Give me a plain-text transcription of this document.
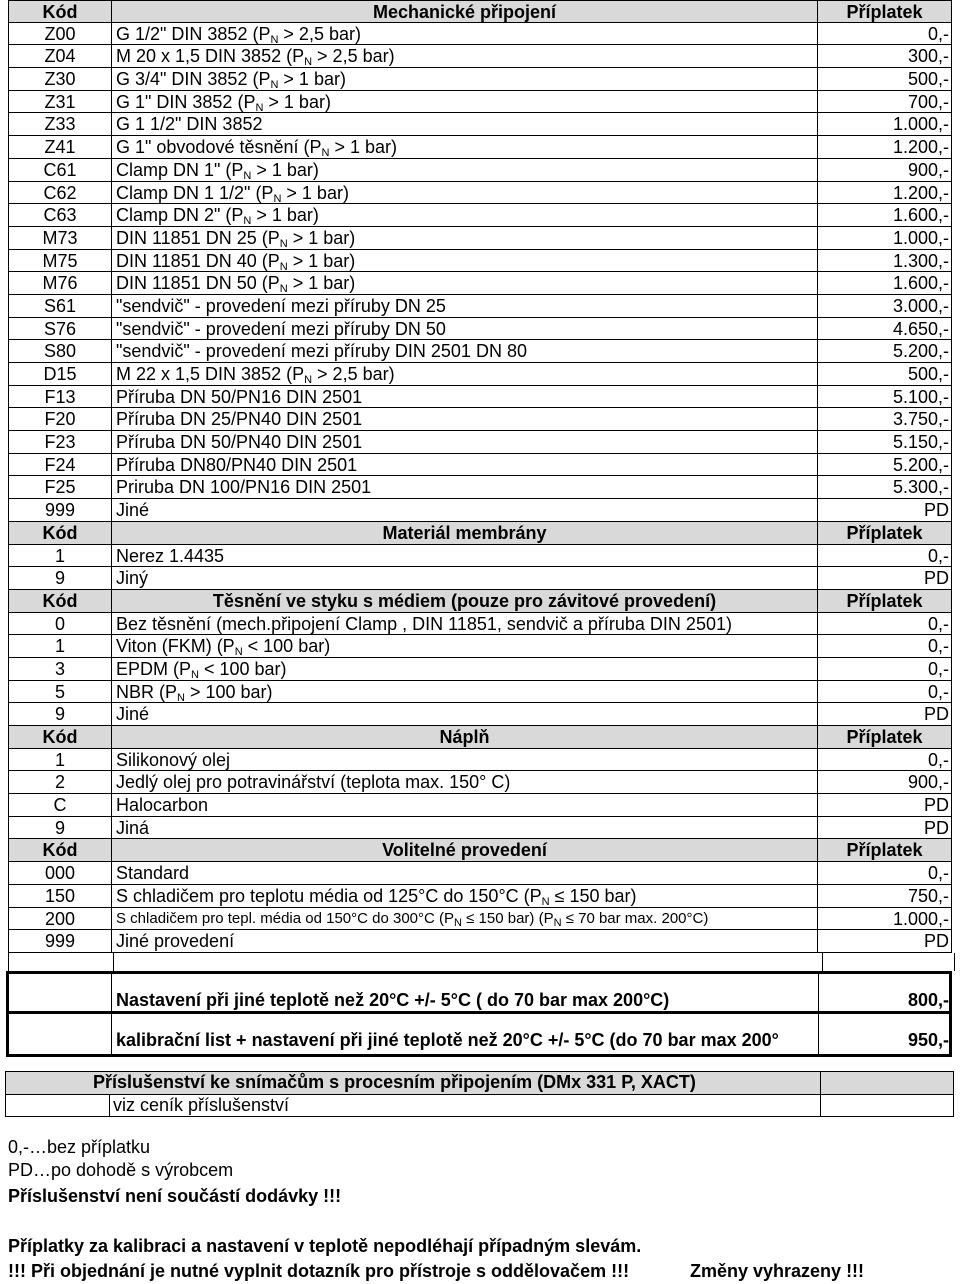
Kód	Mechanické připojení	Příplatek
Z00	G 1/2" DIN 3852 ($P_N > 2,5$ bar)	0,-
Z04	M 20 x 1,5 DIN 3852 ($P_N > 2,5$ bar)	300,-
Z30	G 3/4" DIN 3852 ($P_N > 1$ bar)	500,-
Z31	G 1" DIN 3852 ($P_N > 1$ bar)	700,-
Z33	G 1 1/2" DIN 3852	1.000,-
Z41	G 1" obvodové těsnění ($P_N > 1$ bar)	1.200,-
C61	Clamp DN 1" ($P_N > 1$ bar)	900,-
C62	Clamp DN 1 1/2" ($P_N > 1$ bar)	1.200,-
C63	Clamp DN 2" ($P_N > 1$ bar)	1.600,-
M73	DIN 11851 DN 25 ($P_N > 1$ bar)	1.000,-
M75	DIN 11851 DN 40 ($P_N > 1$ bar)	1.300,-
M76	DIN 11851 DN 50 ($P_N > 1$ bar)	1.600,-
S61	"sendvič" - provedení mezi příruby DN 25	3.000,-
S76	"sendvič" - provedení mezi příruby DN 50	4.650,-
S80	"sendvič" - provedení mezi příruby DIN 2501 DN 80	5.200,-
D15	M 22 x 1,5 DIN 3852 ($P_N > 2,5$ bar)	500,-
F13	Příruba DN 50/PN16 DIN 2501	5.100,-
F20	Příruba DN 25/PN40 DIN 2501	3.750,-
F23	Příruba DN 50/PN40 DIN 2501	5.150,-
F24	Příruba DN80/PN40 DIN 2501	5.200,-
F25	Priruba DN 100/PN16 DIN 2501	5.300,-
999	Jiné	PD
Kód	Materiál membrány	Příplatek
1	Nerez 1.4435	0,-
9	Jiný	PD
Kód	Těsnění ve styku s médiem (pouze pro závitové provedení)	Příplatek
0	Bez těsnění (mech.připojení Clamp , DIN 11851, sendvič a příruba DIN 2501)	0,-
1	Viton (FKM) ($P_N < 100$ bar)	0,-
3	EPDM ($P_N < 100$ bar)	0,-
5	NBR ($P_N > 100$ bar)	0,-
9	Jiné	PD
Kód	Náplň	Příplatek
1	Silikonový olej	0,-
2	Jedlý olej pro potravinářství (teplota max. 150° C)	900,-
C	Halocarbon	PD
9	Jiná	PD
Kód	Volitelné provedení	Příplatek
000	Standard	0,-
150	S chladičem pro teplotu média od 125°C do 150°C ($P_N \le 150$ bar)	750,-
200	S chladičem pro tepl. média od 150°C do 300°C ($P_N \le 150$ bar) ($P_N \le 70$ bar max. 200°C)	1.000,-
999	Jiné provedení	PD
Nastavení při jiné teplotě než 20°C +/- 5°C ( do 70 bar max 200°C)	800,-
kalibrační list + nastavení při jiné teplotě než 20°C +/- 5°C (do 70 bar max 200°	950,-
Příslušenství ke snímačům s procesním připojením (DMx 331 P, XACT)
viz ceník příslušenství
0,-…bez příplatku
PD…po dohodě s výrobcem
Příslušenství není součástí dodávky !!!
Příplatky za kalibraci a nastavení v teplotě nepodléhají případným slevám.
!!! Při objednání je nutné vyplnit dotazník pro přístroje s oddělovačem !!!	Změny vyhrazeny !!!
